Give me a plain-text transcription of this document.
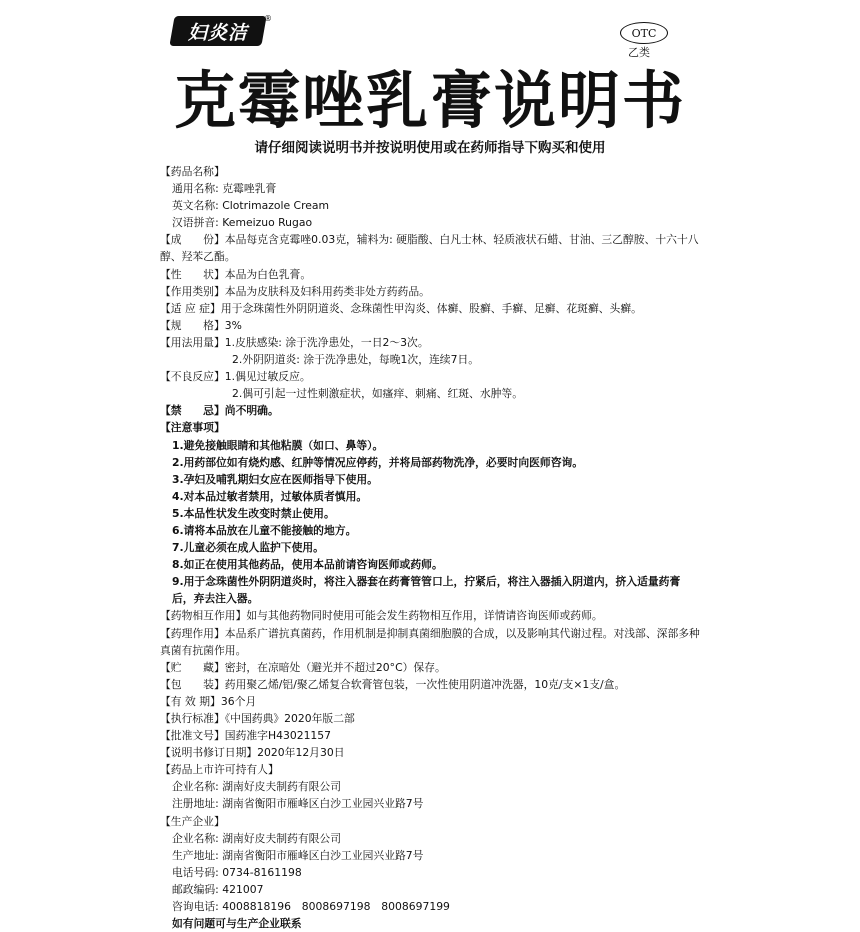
妇炎洁
®
OTC
乙类
克霉唑乳膏说明书
请仔细阅读说明书并按说明使用或在药师指导下购买和使用
【药品名称】
通用名称: 克霉唑乳膏
英文名称: Clotrimazole Cream
汉语拼音: Kemeizuo Rugao
【成　　份】本品每克含克霉唑0.03克，辅料为: 硬脂酸、白凡士林、轻质液状石蜡、甘油、三乙醇胺、十六十八醇、羟苯乙酯。
【性　　状】本品为白色乳膏。
【作用类别】本品为皮肤科及妇科用药类非处方药药品。
【适 应 症】用于念珠菌性外阴阴道炎、念珠菌性甲沟炎、体癣、股癣、手癣、足癣、花斑癣、头癣。
【规　　格】3%
【用法用量】1.皮肤感染: 涂于洗净患处，一日2～3次。
2.外阴阴道炎: 涂于洗净患处，每晚1次，连续7日。
【不良反应】1.偶见过敏反应。
2.偶可引起一过性刺激症状，如瘙痒、刺痛、红斑、水肿等。
【禁　　忌】尚不明确。
【注意事项】
1.避免接触眼睛和其他粘膜（如口、鼻等）。
2.用药部位如有烧灼感、红肿等情况应停药，并将局部药物洗净，必要时向医师咨询。
3.孕妇及哺乳期妇女应在医师指导下使用。
4.对本品过敏者禁用，过敏体质者慎用。
5.本品性状发生改变时禁止使用。
6.请将本品放在儿童不能接触的地方。
7.儿童必须在成人监护下使用。
8.如正在使用其他药品，使用本品前请咨询医师或药师。
9.用于念珠菌性外阴阴道炎时，将注入器套在药膏管管口上，拧紧后，将注入器插入阴道内，挤入适量药膏后，弃去注入器。
【药物相互作用】如与其他药物同时使用可能会发生药物相互作用，详情请咨询医师或药师。
【药理作用】本品系广谱抗真菌药，作用机制是抑制真菌细胞膜的合成，以及影响其代谢过程。对浅部、深部多种真菌有抗菌作用。
【贮　　藏】密封，在凉暗处（避光并不超过20°C）保存。
【包　　装】药用聚乙烯/铝/聚乙烯复合软膏管包装，一次性使用阴道冲洗器，10克/支×1支/盒。
【有 效 期】36个月
【执行标准】《中国药典》2020年版二部
【批准文号】国药准字H43021157
【说明书修订日期】2020年12月30日
【药品上市许可持有人】
企业名称: 湖南好皮夫制药有限公司
注册地址: 湖南省衡阳市雁峰区白沙工业园兴业路7号
【生产企业】
企业名称: 湖南好皮夫制药有限公司
生产地址: 湖南省衡阳市雁峰区白沙工业园兴业路7号
电话号码: 0734-8161198
邮政编码: 421007
咨询电话: 4008818196　8008697198　8008697199
如有问题可与生产企业联系
